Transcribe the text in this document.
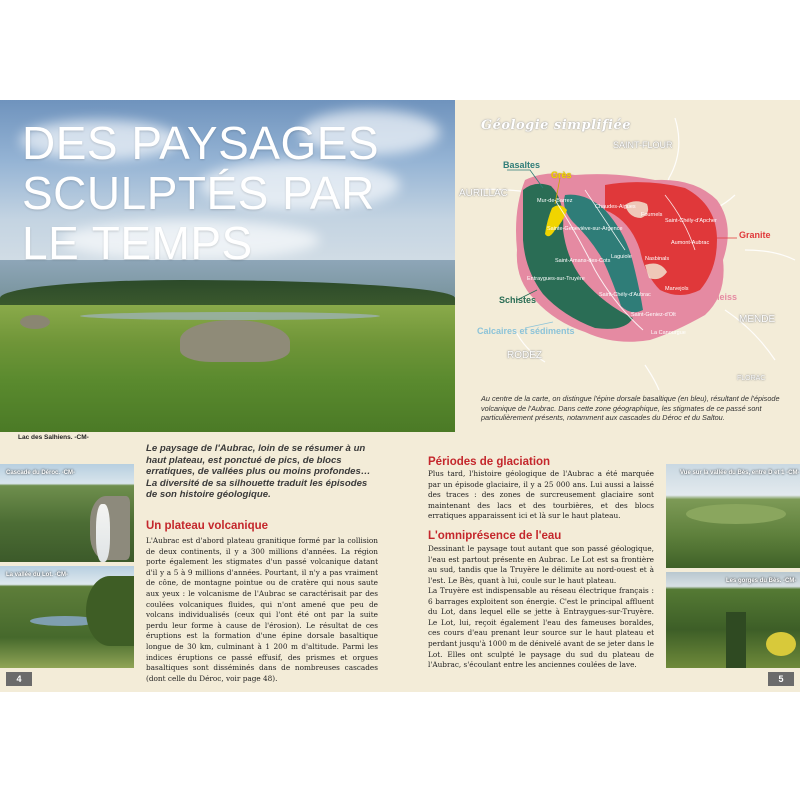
DES PAYSAGES
SCULPTÉS PAR
LE TEMPS
Géologie simplifiée
Basaltes
Grès
Granite
Schistes	Gneiss
Calcaires et sédiments
SAINT-FLOUR
AURILLAC
MENDE
RODEZ
FLORAC
Mur-de-Barrez
Chaudes-Aigues
Fournels
Saint-Chély-d'Apcher
Sainte-Geneviève-sur-Argence
Aumont-Aubrac
Laguiole
Saint-Amans-des-Cots	Nasbinals
Entraygues-sur-Truyère
Saint-Chély-d'Aubrac
Marvejols
Saint-Geniez-d'Olt
La Canourgue

Au centre de la carte, on distingue l'épine dorsale basaltique (en bleu), résultant de l'épisode volcanique de l'Aubrac. Dans cette zone géographique, les stigmates de ce passé sont particulièrement présents, notamment aux cascades du Déroc et du Saltou.

Lac des Salhiens. -CM-
Cascade du Déroc. -CM-
La vallée du Lot. -CM-
Vue sur la vallée du Bès, entre D et 1 -CM-
Les gorges du Bès. -CM-

Le paysage de l'Aubrac, loin de se résumer à un haut plateau, est ponctué de pics, de blocs erratiques, de vallées plus ou moins profondes… La diversité de sa silhouette traduit les épisodes de son histoire géologique.

Un plateau volcanique

L'Aubrac est d'abord plateau granitique formé par la collision de deux continents, il y a 300 millions d'années. La région porte également les stigmates d'un passé volcanique datant d'il y a 5 à 9 millions d'années. Pourtant, il n'y a pas vraiment de cône, de montagne pointue ou de cratère qui nous saute aux yeux : le volcanisme de l'Aubrac se caractérisait par des coulées volcaniques fluides, qui n'ont amené que peu de volcans individualisés (ceux qui l'ont été ont par la suite perdu leur forme à cause de l'érosion). Le résultat de ces éruptions est la formation d'une épine dorsale basaltique longue de 30 km, culminant à 1 200 m d'altitude. Parmi les indices éruptions ce passé effusif, des prismes et orgues basaltiques sont disséminés dans de nombreuses cascades (dont celle du Déroc, voir page 48).

Périodes de glaciation

Plus tard, l'histoire géologique de l'Aubrac a été marquée par un épisode glaciaire, il y a 25 000 ans. Lui aussi a laissé des traces : des zones de surcreusement glaciaire sont maintenant des lacs et des tourbières, et des blocs erratiques apparaissent ici et là sur le haut plateau.

L'omniprésence de l'eau

Dessinant le paysage tout autant que son passé géologique, l'eau est partout présente en Aubrac. Le Lot est sa frontière au sud, tandis que la Truyère le délimite au nord-ouest et à l'est. Le Bès, quant à lui, coule sur le haut plateau.

La Truyère est indispensable au réseau électrique français : 6 barrages exploitent son énergie. C'est le principal affluent du Lot, dans lequel elle se jette à Entraygues-sur-Truyère. Le Lot, lui, reçoit également l'eau des fameuses boraldes, ces cours d'eau prenant leur source sur le haut plateau et perdant jusqu'à 1000 m de dénivelé avant de se jeter dans le Lot. Elles ont sculpté le paysage du sud du plateau de l'Aubrac, s'écoulant entre les anciennes coulées de lave.

4	5
